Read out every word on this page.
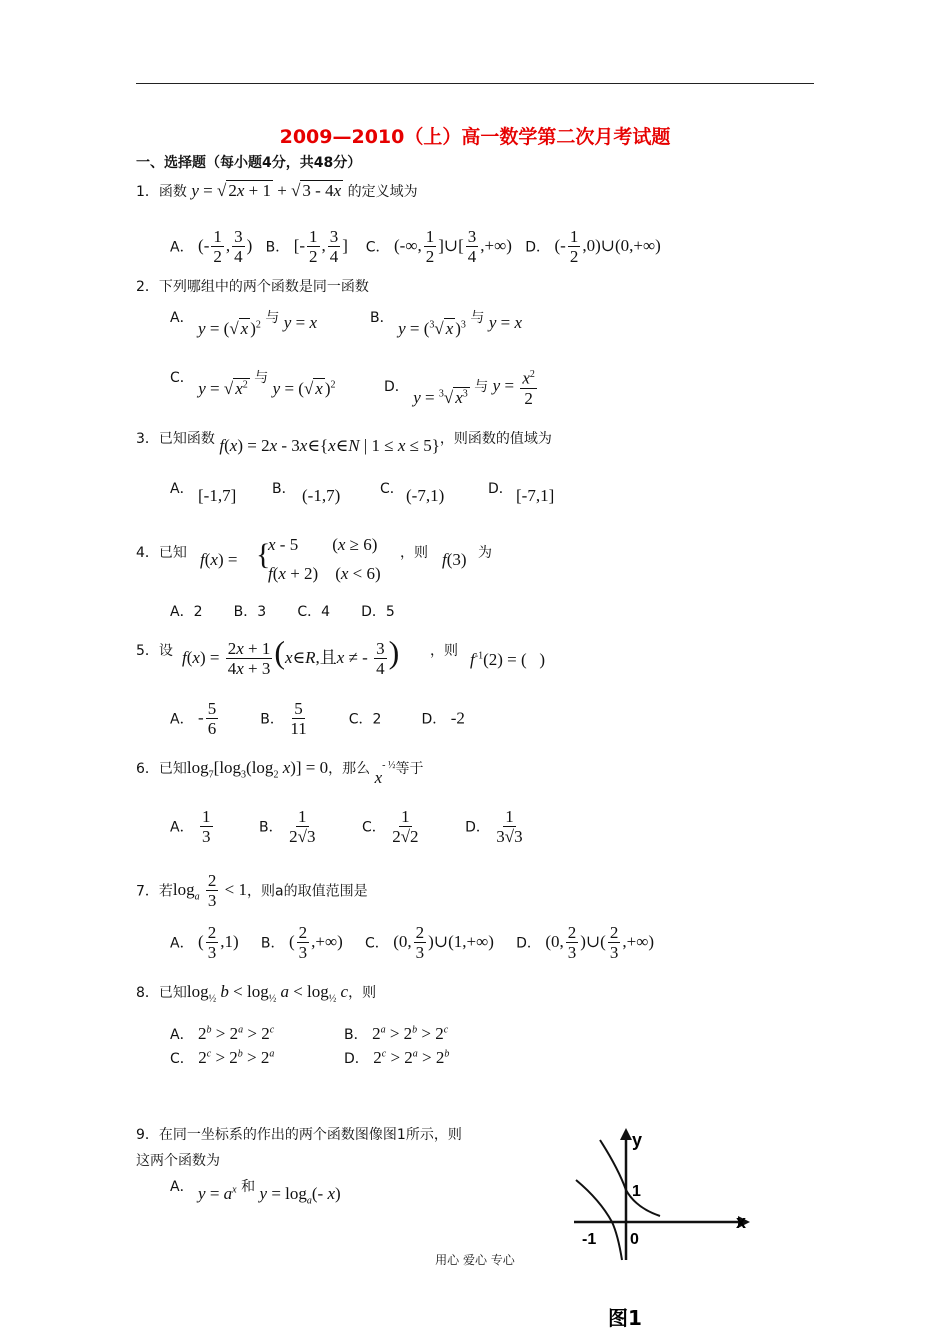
2009—2010（上）高一数学第二次月考试题
一、选择题（每小题4分，共48分）
1．函数 y = √ 2x + 1 + √ 3 - 4x 的定义域为
A． (- $\frac{1}{2}$ , $\frac{3}{4}$ ) B． [- $\frac{1}{2}$ , $\frac{3}{4}$ ] C． (-∞, $\frac{1}{2}$ ]∪[ $\frac{3}{4}$ ,+∞) D． (- $\frac{1}{2}$ ,0)∪(0,+∞)
2．下列哪组中的两个函数是同一函数
A． y = (√ x )$^2$ 与 y = x	B． y = ($^3$√ x )$^3$ 与 y = x
C． y = √ $x^2$ 与 y = (√ x )$^2$	D． y = $^3$√ $x^3$ 与 $y = \frac{x^2}{2}$
3．已知函数 f(x) = 2x - 3x∈{x∈N | 1 ≤ x ≤ 5}，则函数的值域为
A． [-1,7]	B． (-1,7)	C． (-7,1)	D． [-7,1]
4．已知 f(x) = {
x - 5        (x ≥ 6)
f(x + 2)    (x < 6)
，则 f(3) 为
A．2 B．3 C．4 D．5
5．设 $f(x) = \frac{2x + 1}{4x + 3}$ (x∈R,且x ≠ - $\frac{3}{4}$ ) ，则 $f^{-1}(2)$ = (   )
A． - $\frac{5}{6}$	B． $\frac{5}{11}$	C．2	D． -2
6．已知$\log_7[\log_3(\log_2$ x)] = 0，那么 $x^{- \frac{1}{2}}$等于
A． $\frac{1}{3}$	B． $\frac{1}{2√3}$	C． $\frac{1}{2√2}$	D． $\frac{1}{3√3}$
7．若$\log_a \frac{2}{3} < 1$，则a的取值范围是
A． ( $\frac{2}{3} ,1$) B． ( $\frac{2}{3}$ ,+∞) C． (0, $\frac{2}{3}$ )∪(1,+∞) D． (0, $\frac{2}{3}$ )∪( $\frac{2}{3}$ ,+∞)
8．已知$\log_{\frac{1}{2}} b < \log_{\frac{1}{2}} a < \log_{\frac{1}{2}} c$，则
A． $2^b > 2^a > 2^c$	B． $2^a > 2^b > 2^c$
C． $2^c > 2^b > 2^a$	D． $2^c > 2^a > 2^b$
9．在同一坐标系的作出的两个函数图像图1所示，则
这两个函数为
A． $y = a^x$ 和 $y = \log_a(-$ x)
y
x
1
-1 0
图1
用心 爱心 专心
